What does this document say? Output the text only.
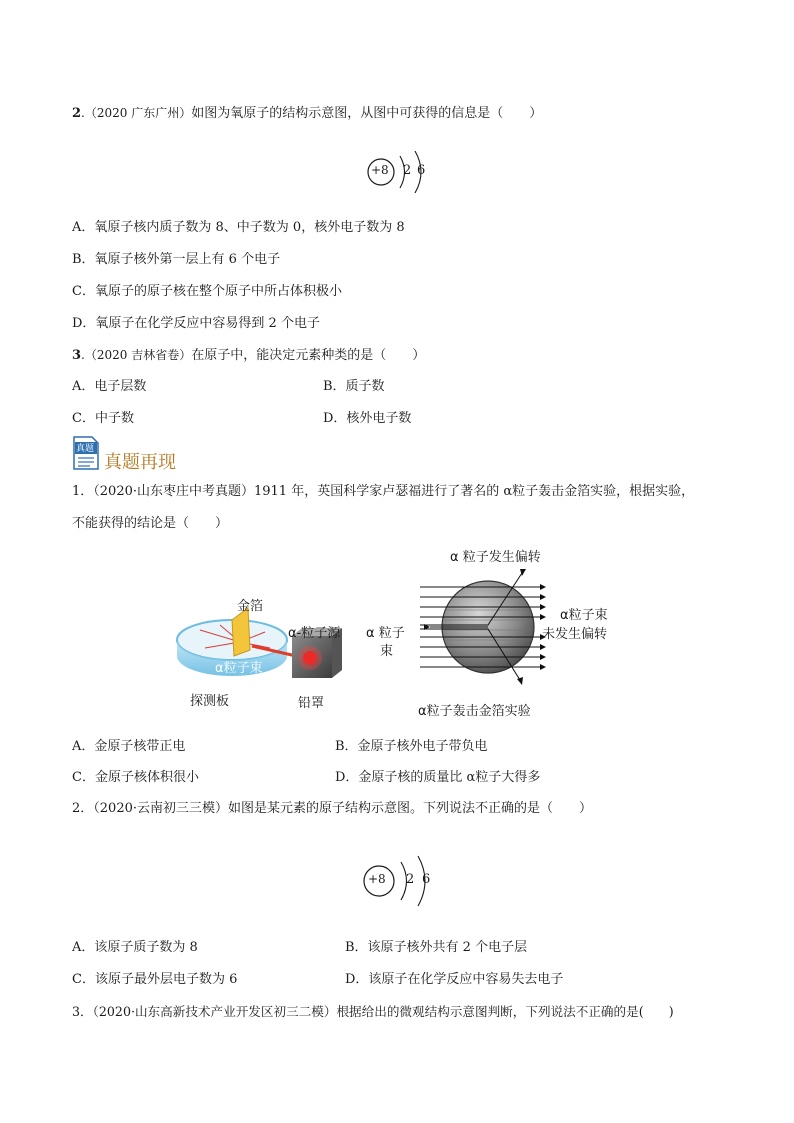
2.（2020 广东广州）如图为氧原子的结构示意图，从图中可获得的信息是（　　）
+8 2 6
A．氧原子核内质子数为 8、中子数为 0，核外电子数为 8
B．氧原子核外第一层上有 6 个电子
C．氧原子的原子核在整个原子中所占体积极小
D．氧原子在化学反应中容易得到 2 个电子
3.（2020 吉林省卷）在原子中，能决定元素种类的是（　　）
A．电子层数	B．质子数
C．中子数	D．核外电子数
真题
真题再现
1．（2020·山东枣庄中考真题）1911 年，英国科学家卢瑟福进行了著名的 α粒子轰击金箔实验，根据实验，
不能获得的结论是（　　）
金箔
α-粒子源
α粒子束
探测板	铅罩
α 粒子发生偏转
α 粒子
束
α粒子束
未发生偏转
α粒子轰击金箔实验
A．金原子核带正电	B．金原子核外电子带负电
C．金原子核体积很小	D．金原子核的质量比 α粒子大得多
2．（2020·云南初三三模）如图是某元素的原子结构示意图。下列说法不正确的是（　　）
+8 2 6
A．该原子质子数为 8	B．该原子核外共有 2 个电子层
C．该原子最外层电子数为 6	D．该原子在化学反应中容易失去电子
3．（2020·山东高新技术产业开发区初三二模）根据给出的微观结构示意图判断，下列说法不正确的是(　　)
